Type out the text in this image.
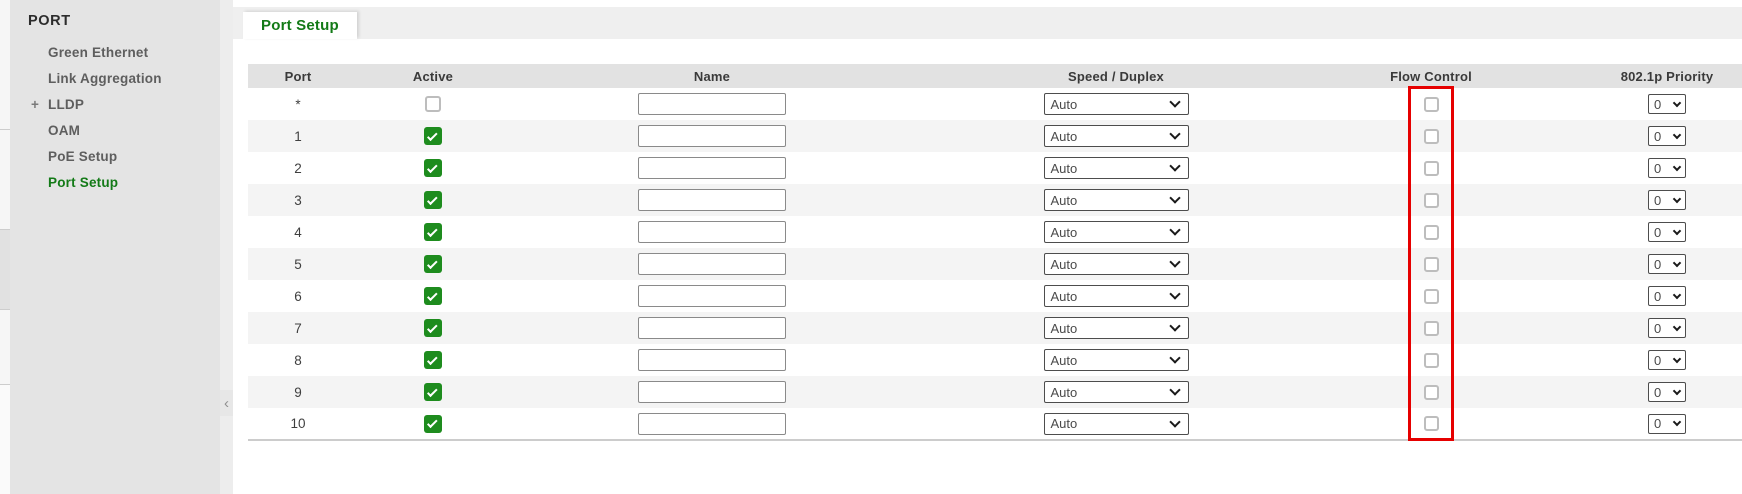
PORT
Green Ethernet
Link Aggregation
+ LLDP
OAM
PoE Setup
Port Setup
‹
Port Setup
Port	Active	Name	Speed / Duplex	Flow Control	802.1p Priority
*			Auto		0

1			Auto		0

2			Auto		0

3			Auto		0

4			Auto		0

5			Auto		0

6			Auto		0

7			Auto		0

8			Auto		0

9			Auto		0

10			Auto		0
